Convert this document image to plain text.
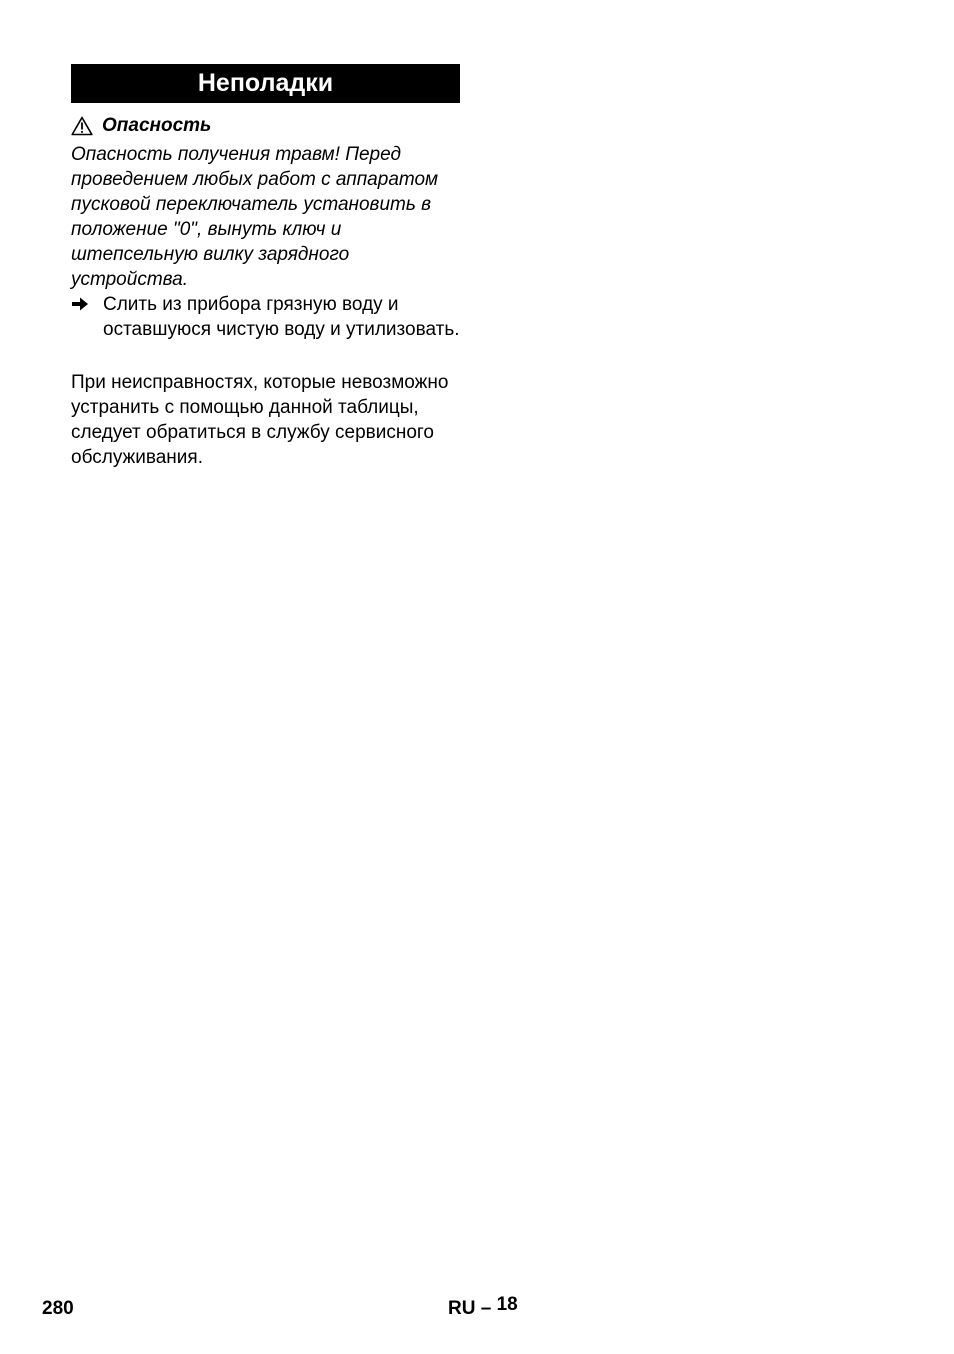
Неполадки
Опасность

Опасность получения травм! Перед проведением любых работ с аппаратом пусковой переключатель установить в положение "0", вынуть ключ и штепсельную вилку зарядного устройства.

Слить из прибора грязную воду и оставшуюся чистую воду и утилизовать.

При неисправностях, которые невозможно устранить с помощью данной таблицы, следует обратиться в службу сервисного обслуживания.

280	RU – 18
